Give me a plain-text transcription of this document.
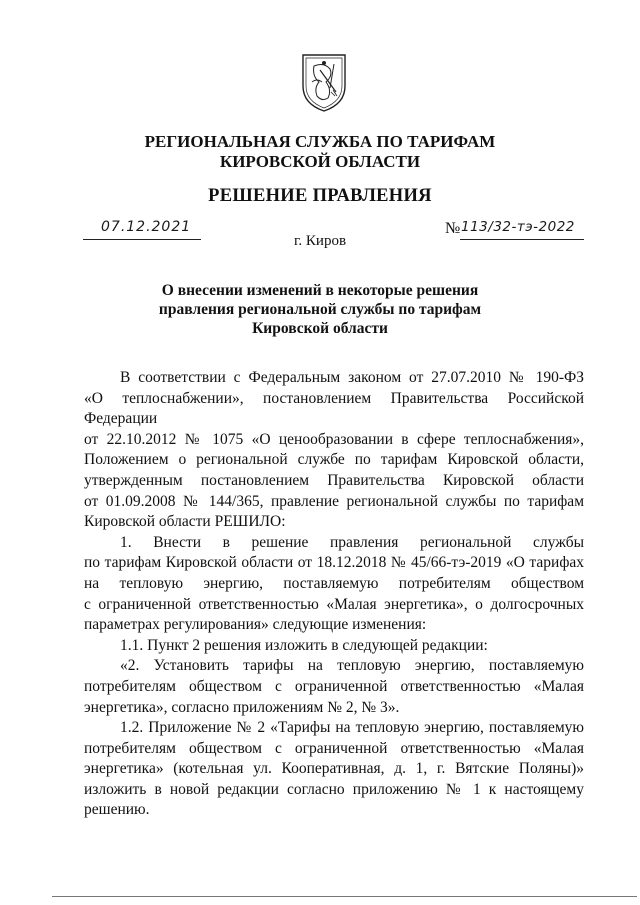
РЕГИОНАЛЬНАЯ СЛУЖБА ПО ТАРИФАМ
КИРОВСКОЙ ОБЛАСТИ
РЕШЕНИЕ ПРАВЛЕНИЯ
07.12.2021	№ 113/32-тэ-2022
г. Киров
О внесении изменений в некоторые решения
правления региональной службы по тарифам
Кировской области
В соответствии с Федеральным законом от 27.07.2010 № 190-ФЗ
«О теплоснабжении», постановлением Правительства Российской Федерации
от 22.10.2012 № 1075 «О ценообразовании в сфере теплоснабжения»,
Положением о региональной службе по тарифам Кировской области,
утвержденным постановлением Правительства Кировской области
от 01.09.2008 № 144/365, правление региональной службы по тарифам
Кировской области РЕШИЛО:
1. Внести в решение правления региональной службы
по тарифам Кировской области от 18.12.2018 № 45/66-тэ-2019 «О тарифах
на тепловую энергию, поставляемую потребителям обществом
с ограниченной ответственностью «Малая энергетика», о долгосрочных
параметрах регулирования» следующие изменения:
1.1. Пункт 2 решения изложить в следующей редакции:
«2. Установить тарифы на тепловую энергию, поставляемую
потребителям обществом с ограниченной ответственностью «Малая
энергетика», согласно приложениям № 2, № 3».
1.2. Приложение № 2 «Тарифы на тепловую энергию, поставляемую
потребителям обществом с ограниченной ответственностью «Малая
энергетика» (котельная ул. Кооперативная, д. 1, г. Вятские Поляны)»
изложить в новой редакции согласно приложению № 1 к настоящему
решению.
